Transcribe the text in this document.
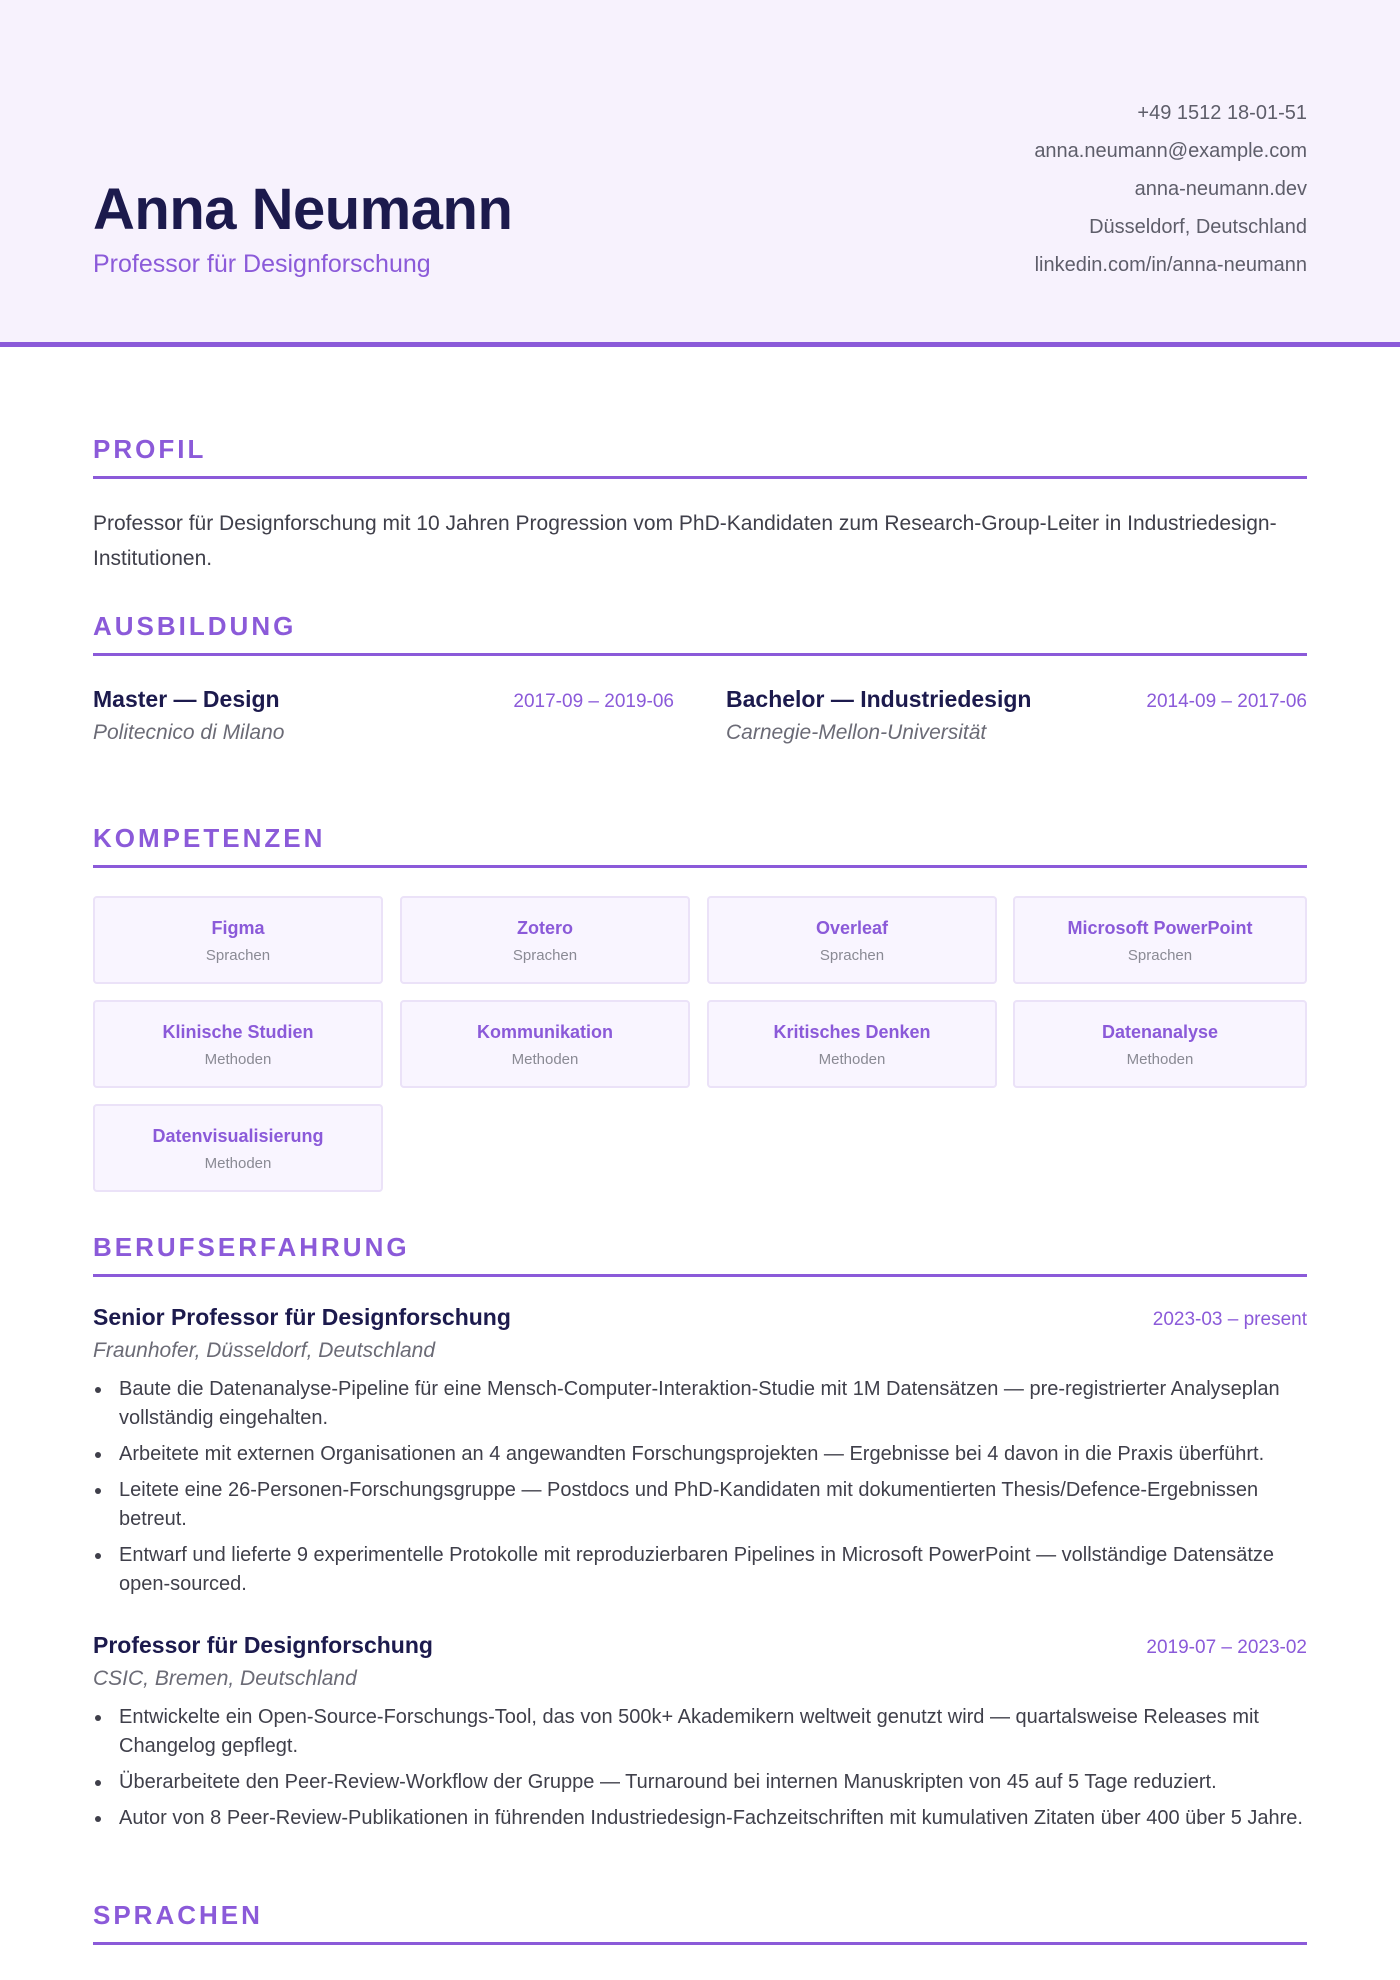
Anna Neumann
Professor für Designforschung
+49 1512 18-01-51
anna.neumann@example.com
anna-neumann.dev
Düsseldorf, Deutschland
linkedin.com/in/anna-neumann
PROFIL
Professor für Designforschung mit 10 Jahren Progression vom PhD-Kandidaten zum Research-Group-Leiter in Industriedesign-Institutionen.
AUSBILDUNG
Master — Design	2017-09 – 2019-06
Politecnico di Milano
Bachelor — Industriedesign	2014-09 – 2017-06
Carnegie-Mellon-Universität
KOMPETENZEN
Figma
Sprachen
Zotero
Sprachen
Overleaf
Sprachen
Microsoft PowerPoint
Sprachen
Klinische Studien
Methoden
Kommunikation
Methoden
Kritisches Denken
Methoden
Datenanalyse
Methoden
Datenvisualisierung
Methoden
BERUFSERFAHRUNG
Senior Professor für Designforschung	2023-03 – present
Fraunhofer, Düsseldorf, Deutschland
Baute die Datenanalyse-Pipeline für eine Mensch-Computer-Interaktion-Studie mit 1M Datensätzen — pre-registrierter Analyseplan vollständig eingehalten.
Arbeitete mit externen Organisationen an 4 angewandten Forschungsprojekten — Ergebnisse bei 4 davon in die Praxis überführt.
Leitete eine 26-Personen-Forschungsgruppe — Postdocs und PhD-Kandidaten mit dokumentierten Thesis/Defence-Ergebnissen betreut.
Entwarf und lieferte 9 experimentelle Protokolle mit reproduzierbaren Pipelines in Microsoft PowerPoint — vollständige Datensätze open-sourced.
Professor für Designforschung	2019-07 – 2023-02
CSIC, Bremen, Deutschland
Entwickelte ein Open-Source-Forschungs-Tool, das von 500k+ Akademikern weltweit genutzt wird — quartalsweise Releases mit Changelog gepflegt.
Überarbeitete den Peer-Review-Workflow der Gruppe — Turnaround bei internen Manuskripten von 45 auf 5 Tage reduziert.
Autor von 8 Peer-Review-Publikationen in führenden Industriedesign-Fachzeitschriften mit kumulativen Zitaten über 400 über 5 Jahre.
SPRACHEN
